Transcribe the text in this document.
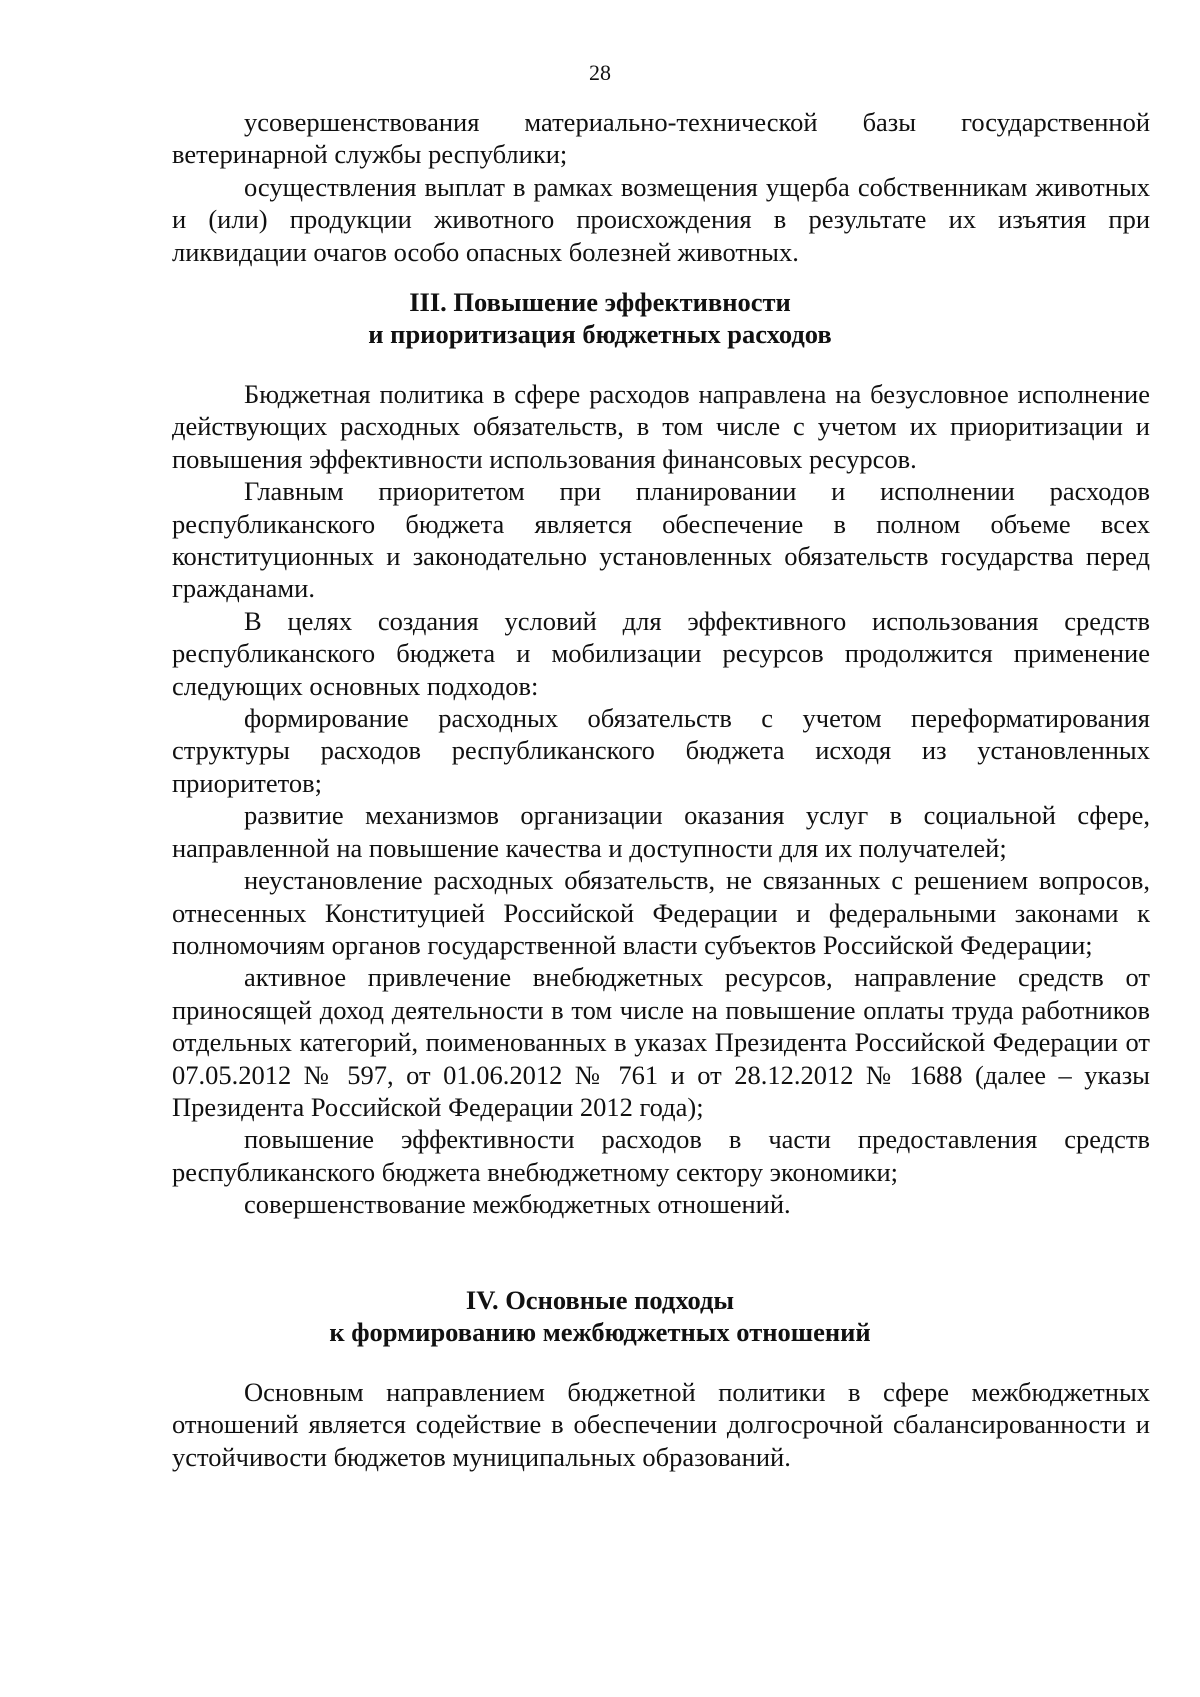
28

усовершенствования материально-технической базы государственной ветеринарной службы республики;

осуществления выплат в рамках возмещения ущерба собственникам животных и (или) продукции животного происхождения в результате их изъятия при ликвидации очагов особо опасных болезней животных.

III. Повышение эффективности
и приоритизация бюджетных расходов

Бюджетная политика в сфере расходов направлена на безусловное исполнение действующих расходных обязательств, в том числе с учетом их приоритизации и повышения эффективности использования финансовых ресурсов.

Главным приоритетом при планировании и исполнении расходов республиканского бюджета является обеспечение в полном объеме всех конституционных и законодательно установленных обязательств государства перед гражданами.

В целях создания условий для эффективного использования средств республиканского бюджета и мобилизации ресурсов продолжится применение следующих основных подходов:

формирование расходных обязательств с учетом переформатирования структуры расходов республиканского бюджета исходя из установленных приоритетов;

развитие механизмов организации оказания услуг в социальной сфере, направленной на повышение качества и доступности для их получателей;

неустановление расходных обязательств, не связанных с решением вопросов, отнесенных Конституцией Российской Федерации и федеральными законами к полномочиям органов государственной власти субъектов Российской Федерации;

активное привлечение внебюджетных ресурсов, направление средств от приносящей доход деятельности в том числе на повышение оплаты труда работников отдельных категорий, поименованных в указах Президента Российской Федерации от 07.05.2012 № 597, от 01.06.2012 № 761 и от 28.12.2012 № 1688 (далее – указы Президента Российской Федерации 2012 года);

повышение эффективности расходов в части предоставления средств республиканского бюджета внебюджетному сектору экономики;

совершенствование межбюджетных отношений.

IV. Основные подходы
к формированию межбюджетных отношений

Основным направлением бюджетной политики в сфере межбюджетных отношений является содействие в обеспечении долгосрочной сбалансированности и устойчивости бюджетов муниципальных образований.
